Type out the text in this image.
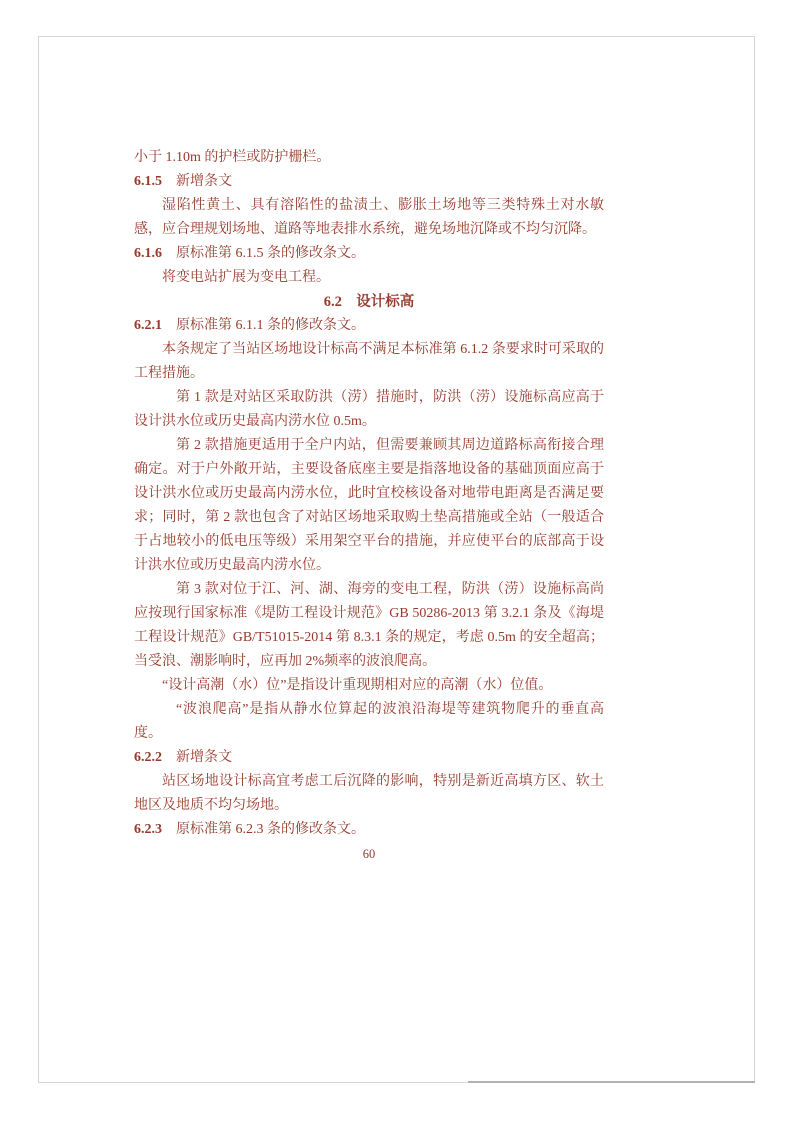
小于 1.10m 的护栏或防护栅栏。

6.1.5 新增条文

湿陷性黄土、具有溶陷性的盐渍土、膨胀土场地等三类特殊土对水敏感，应合理规划场地、道路等地表排水系统，避免场地沉降或不均匀沉降。

6.1.6 原标准第 6.1.5 条的修改条文。

将变电站扩展为变电工程。

6.2　设计标高

6.2.1 原标准第 6.1.1 条的修改条文。

本条规定了当站区场地设计标高不满足本标准第 6.1.2 条要求时可采取的工程措施。

第 1 款是对站区采取防洪（涝）措施时，防洪（涝）设施标高应高于设计洪水位或历史最高内涝水位 0.5m。

第 2 款措施更适用于全户内站，但需要兼顾其周边道路标高衔接合理确定。对于户外敞开站，主要设备底座主要是指落地设备的基础顶面应高于设计洪水位或历史最高内涝水位，此时宜校核设备对地带电距离是否满足要求；同时，第 2 款也包含了对站区场地采取购土垫高措施或全站（一般适合于占地较小的低电压等级）采用架空平台的措施，并应使平台的底部高于设计洪水位或历史最高内涝水位。

第 3 款对位于江、河、湖、海旁的变电工程，防洪（涝）设施标高尚应按现行国家标准《堤防工程设计规范》GB 50286-2013 第 3.2.1 条及《海堤工程设计规范》GB/T51015-2014 第 8.3.1 条的规定，考虑 0.5m 的安全超高；当受浪、潮影响时，应再加 2%频率的波浪爬高。

“设计高潮（水）位”是指设计重现期相对应的高潮（水）位值。

“波浪爬高”是指从静水位算起的波浪沿海堤等建筑物爬升的垂直高度。

6.2.2 新增条文

站区场地设计标高宜考虑工后沉降的影响，特别是新近高填方区、软土地区及地质不均匀场地。

6.2.3 原标准第 6.2.3 条的修改条文。

60
